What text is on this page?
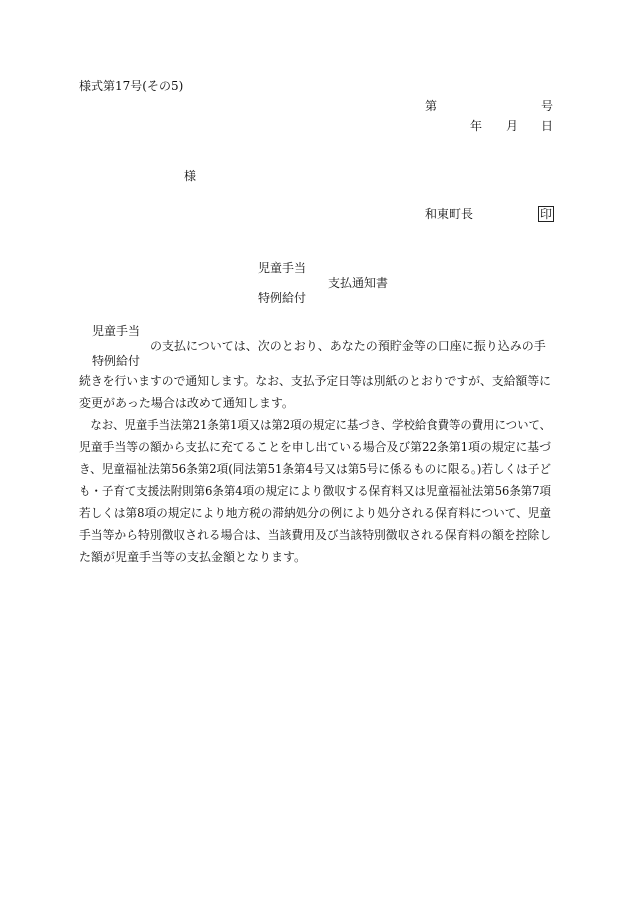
様式第17号(その5)
第	号
年 月 日
様
和東町長	印
児童手当
支払通知書
特例給付
児童手当
の支払については、次のとおり、あなたの預貯金等の口座に振り込みの手
特例給付
続きを行いますので通知します。なお、支払予定日等は別紙のとおりですが、支給額等に
変更があった場合は改めて通知します。
　なお、児童手当法第21条第1項又は第2項の規定に基づき、学校給食費等の費用について、
児童手当等の額から支払に充てることを申し出ている場合及び第22条第1項の規定に基づ
き、児童福祉法第56条第2項(同法第51条第4号又は第5号に係るものに限る。)若しくは子ど
も・子育て支援法附則第6条第4項の規定により徴収する保育料又は児童福祉法第56条第7項
若しくは第8項の規定により地方税の滞納処分の例により処分される保育料について、児童
手当等から特別徴収される場合は、当該費用及び当該特別徴収される保育料の額を控除し
た額が児童手当等の支払金額となります。
